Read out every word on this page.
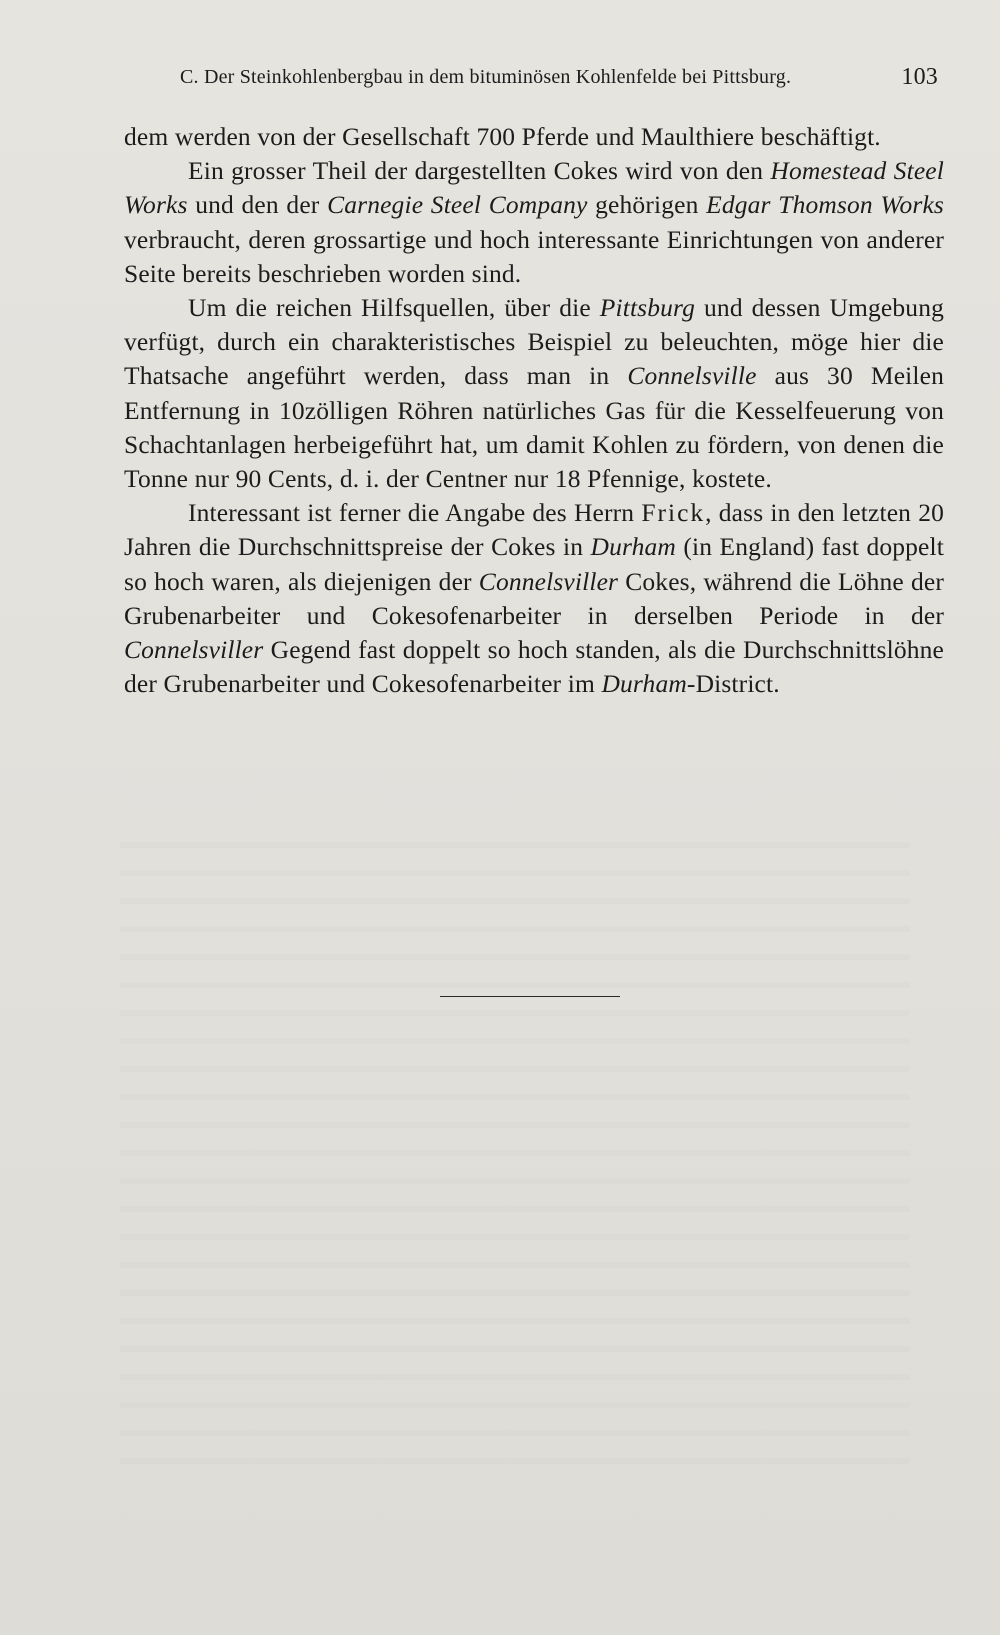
C. Der Steinkohlenbergbau in dem bituminösen Kohlenfelde bei Pittsburg.	103

dem werden von der Gesellschaft 700 Pferde und Maulthiere beschäftigt.

Ein grosser Theil der dargestellten Cokes wird von den Homestead Steel Works und den der Carnegie Steel Company gehörigen Edgar Thomson Works verbraucht, deren grossartige und hoch interessante Einrichtungen von anderer Seite bereits beschrieben worden sind.

Um die reichen Hilfsquellen, über die Pittsburg und dessen Umgebung verfügt, durch ein charakteristisches Beispiel zu beleuchten, möge hier die Thatsache angeführt werden, dass man in Connelsville aus 30 Meilen Entfernung in 10zölligen Röhren natürliches Gas für die Kesselfeuerung von Schachtanlagen herbeigeführt hat, um damit Kohlen zu fördern, von denen die Tonne nur 90 Cents, d. i. der Centner nur 18 Pfennige, kostete.

Interessant ist ferner die Angabe des Herrn Frick, dass in den letzten 20 Jahren die Durchschnittspreise der Cokes in Durham (in England) fast doppelt so hoch waren, als diejenigen der Connelsviller Cokes, während die Löhne der Grubenarbeiter und Cokesofenarbeiter in derselben Periode in der Connelsviller Gegend fast doppelt so hoch standen, als die Durchschnittslöhne der Grubenarbeiter und Cokesofenarbeiter im Durham-District.
